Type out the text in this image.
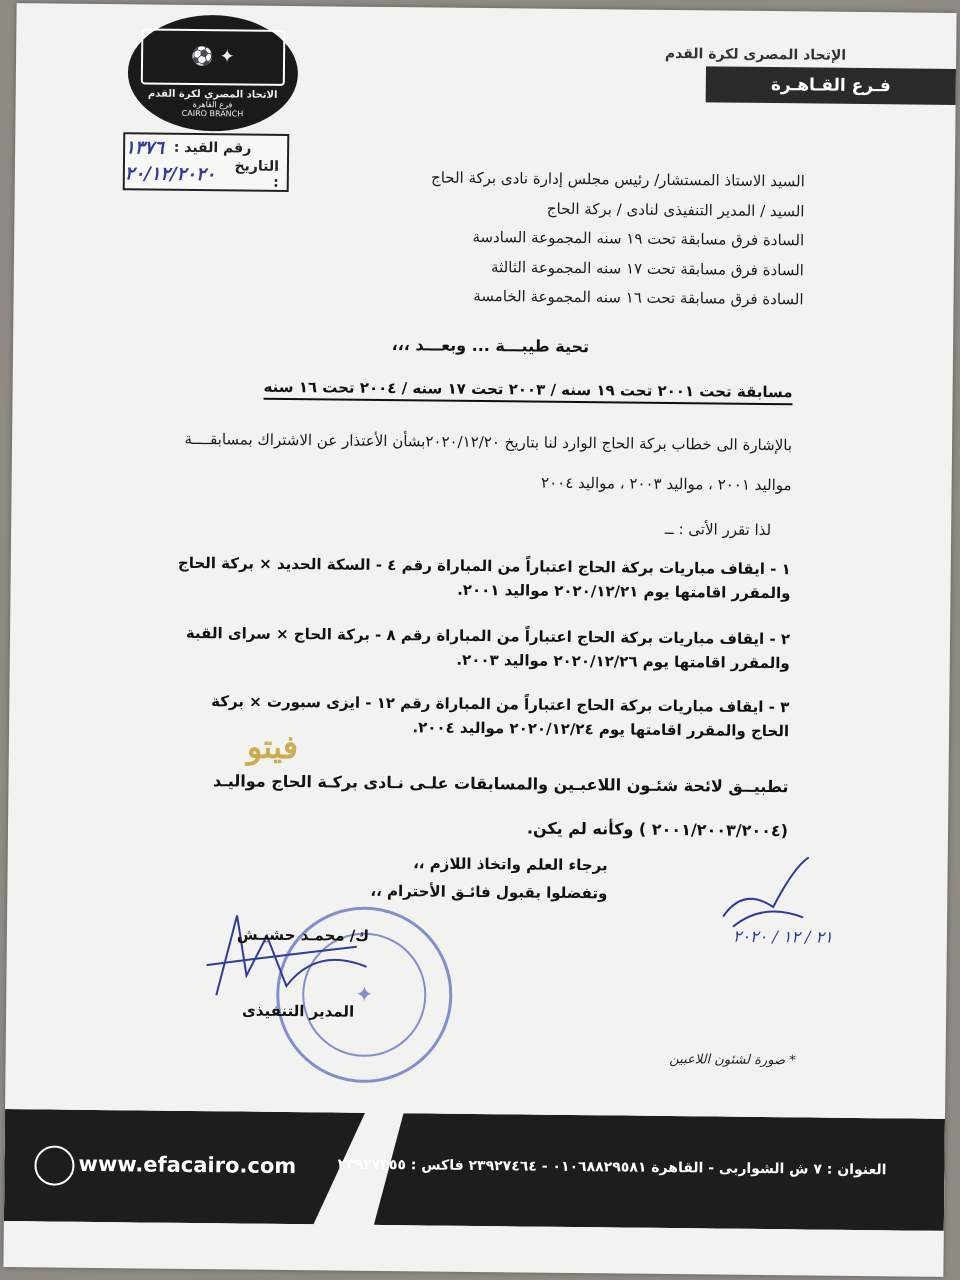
⚽ ✦
الاتحاد المصري لكرة القدم
فرع القاهرة
CAIRO BRANCH
الإتحاد المصرى لكرة القدم
فـرع القـاهـرة
رقم القيد :
١٣٧٦
التاريخ :
٢٠/١٢/٢٠٢٠	السيد الاستاذ المستشار/ رئيس مجلس إدارة نادى بركة الحاج
السيد / المدير التنفيذى لنادى / بركة الحاج
السادة فرق مسابقة تحت ١٩ سنه المجموعة السادسة
السادة فرق مسابقة تحت ١٧ سنه المجموعة الثالثة
السادة فرق مسابقة تحت ١٦ سنه المجموعة الخامسة
تحية طيبـــة ... وبعـــد ،،،
مسابقة تحت ٢٠٠١ تحت ١٩ سنه / ٢٠٠٣ تحت ١٧ سنه / ٢٠٠٤ تحت ١٦ سنه
بالإشارة الى خطاب بركة الحاج الوارد لنا بتاريخ ٢٠٢٠/١٢/٢٠بشأن الأعتذار عن الاشتراك بمسابقــــة مواليد ٢٠٠١ ، مواليد ٢٠٠٣ ، مواليد ٢٠٠٤
لذا تقرر الأتى : ــ
١ - ايقاف مباريات بركة الحاج اعتباراً من المباراة رقم ٤ - السكة الحديد × بركة الحاج والمقرر اقامتها يوم ٢٠٢٠/١٢/٢١ مواليد ٢٠٠١.
٢ - ايقاف مباريات بركة الحاج اعتباراً من المباراة رقم ٨ - بركة الحاج × سراى القبة والمقرر اقامتها يوم ٢٠٢٠/١٢/٢٦ مواليد ٢٠٠٣.
٣ - ايقاف مباريات بركة الحاج اعتباراً من المباراة رقم ١٢ - ايزى سبورت × بركة الحاج والمقرر اقامتها يوم ٢٠٢٠/١٢/٢٤ مواليد ٢٠٠٤.
فيتو
تطبيــق لائحة شئـون اللاعبـين والمسابقات علـى نـادى بركـة الحاج مواليـد (٢٠٠١/٢٠٠٣/٢٠٠٤ ) وكأنه لم يكن.
برجاء العلم واتخاذ اللازم ،،
وتفضلوا بقبول فائـق الأحترام ،،
٢١ / ١٢ / ٢٠٢٠
✦
ك/ محمـد حشيـش
المدير التنفيذى
* صورة لشئون اللاعبين
www.efacairo.com	العنوان : ٧ ش الشواربى - القاهرة ٠١٠٦٨٨٢٩٥٨١ - ٢٣٩٢٧٤٦٤ فاكس : ٢٣٩٢٧٣٥٥
